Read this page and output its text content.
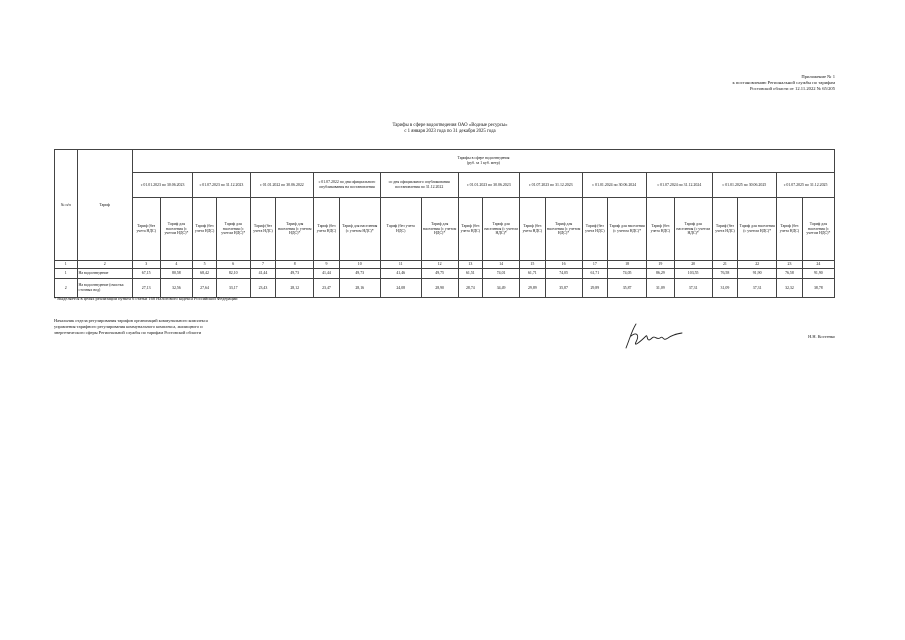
Приложение № 1
к постановлению Региональной службы по тарифам
Ростовской области от 12.11.2022 № 65/205
Тарифы в сфере водоотведения ОАО «Водные ресурсы»
с 1 января 2023 года по 31 декабря 2025 года
№ п/п	Тариф	Тарифы в сфере водоотведения
(руб. за 1 куб. метр)																					

		с 01.01.2023 по 30.06.2023		с 01.07.2023 по 31.12.2023		с 01.01.2022 по 30.06.2022		с 01.07.2022 по дня официального опубликования на постановления		со дня официального опубликования постановления по 31.12.2022		с 01.01.2023 по 30.06.2023		с 01.07.2023 по 31.12.2023		с 01.01.2024 по 30.06.2024		с 01.07.2024 по 31.12.2024		с 01.01.2025 по 30.06.2025		с 01.07.2025 по 31.12.2025	
		Тариф (без учета НДС)	Тариф для населения (с учетом НДС)*	Тариф (без учета НДС)	Тариф для населения (с учетом НДС)*	Тариф (без учета НДС)	Тариф для населения (с учетом НДС)*	Тариф (без учета НДС)	Тариф для населения (с учетом НДС)*	Тариф (без учета НДС)	Тариф для населения (с учетом НДС)*	Тариф (без учета НДС)	Тариф для населения (с учетом НДС)*	Тариф (без учета НДС)	Тариф для населения (с учетом НДС)*	Тариф (без учета НДС)	Тариф для населения (с учетом НДС)*	Тариф (без учета НДС)	Тариф для населения (с учетом НДС)*	Тариф (без учета НДС)	Тариф для населения (с учетом НДС)*	Тариф (без учета НДС)	Тариф для населения (с учетом НДС)*
1	2	3	4	5	6	7	8	9	10	11	12	13	14	15	16	17	18	19	20	21	22	23	24
1	На водоотведение	67,15	80,58	68,42	82,10	41,44	49,73	41,44	49,73	41,46	49,75	61,51	74,01	61,71	74,05	61,71	74,05	86,29	103,55	76,58	91,90	76,58	91,90
2	На водоотведение (очистка сточных вод)	27,13	32,56	27,64	33,17	23,43	28,12	23,47	28,16	24,08	28,90	28,74	34,49	29,89	35,87	29,89	35,87	31,09	37,31	31,09	37,31	32,32	38,78
* Выделяется в целях реализации пункта 6 статьи 168 Налогового кодекса Российской Федерации
Начальник отдела регулирования тарифов организаций коммунального комплекса
управления тарифного регулирования коммунального комплекса, жилищного и
энергетического сферы Региональной службы по тарифам Ростовской области
Н.Н. Костенко
